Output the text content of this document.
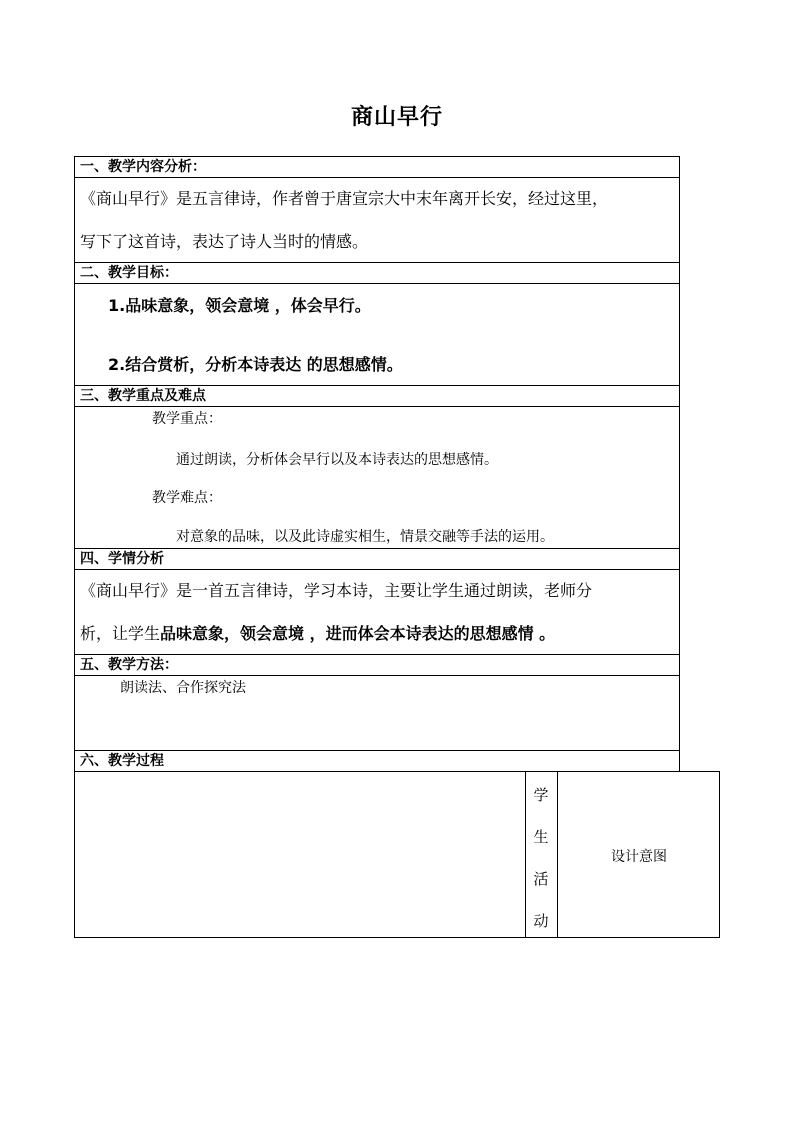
商山早行
一、教学内容分析：
《商山早行》是五言律诗，作者曾于唐宣宗大中末年离开长安，经过这里，
写下了这首诗，表达了诗人当时的情感。
二、教学目标：
1.品味意象，领会意境 ，体会早行。
2.结合赏析，分析本诗表达 的思想感情。
三、教学重点及难点
教学重点：
通过朗读，分析体会早行以及本诗表达的思想感情。
教学难点：
对意象的品味，以及此诗虚实相生，情景交融等手法的运用。
四、学情分析
《商山早行》是一首五言律诗，学习本诗，主要让学生通过朗读，老师分
析，让学生品味意象，领会意境 ，进而体会本诗表达的思想感情 。
五、教学方法：
朗读法、合作探究法
六、教学过程
学
生
活
动
设计意图
